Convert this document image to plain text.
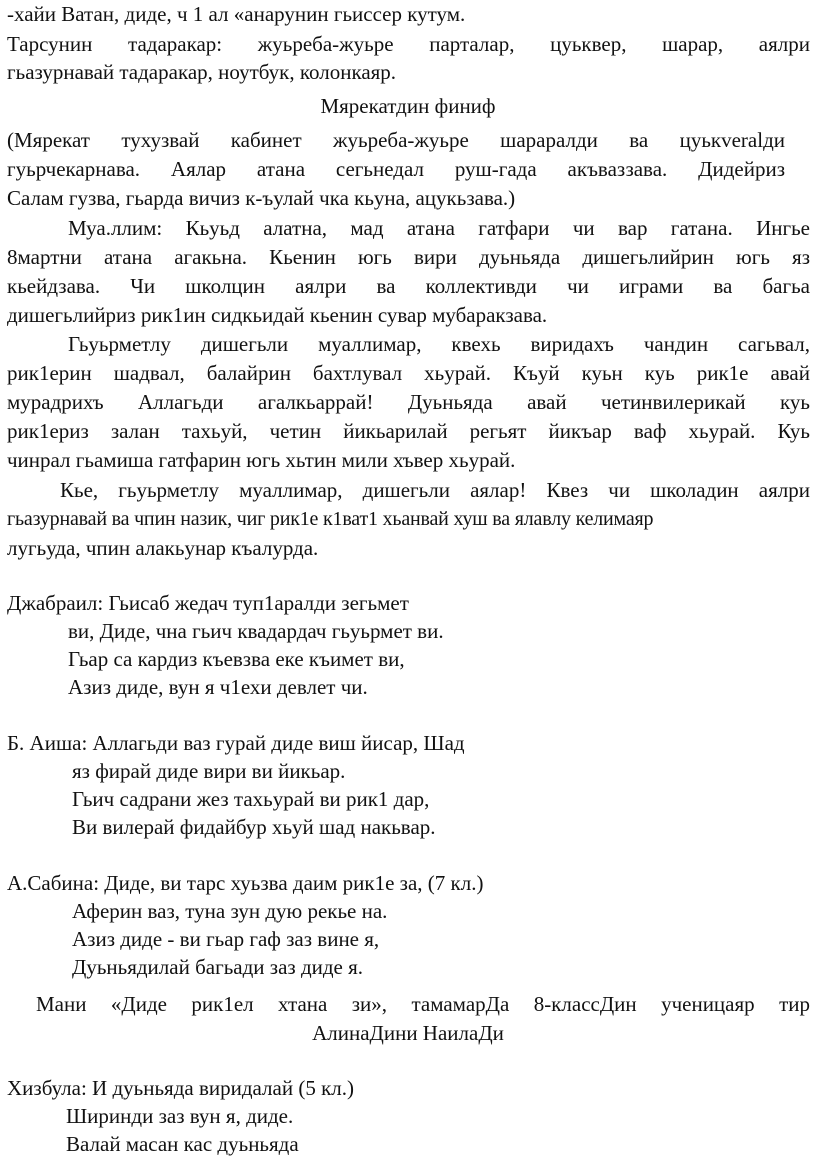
-хайи Ватан, диде, ч 1 ал «анарунин гьиссер кутум.
Тарсунин тадаракар: жуьреба-жуьре парталар, цуьквер, шарар, аялри
гьазурнавай тадаракар, ноутбук, колонкаяр.
Мярекатдин финиф
(Мярекат тухузвай кабинет жуьреба-жуьре шараралди ва цуькveralди
гуьрчекарнава. Аялар атана сегьнедал руш-гада акъваззава. Дидейриз
Салам гузва, гьарда вичиз к-ъулай чка кьуна, ацукьзава.)
Муа.ллим: Кьуьд алатна, мад атана гатфари чи вар гатана. Ингье
8мартни атана агакьна. Кьенин югь вири дуьньяда дишегьлийрин югь яз
кьейдзава. Чи школцин аялри ва коллективди чи играми ва багьа
дишегьлийриз рик1ин сидкьидай кьенин сувар мубаракзава.
Гьуьрметлу дишегьли муаллимар, квехь виридахъ чандин сагьвал,
рик1ерин шадвал, балайрин бахтлувал хьурай. Къуй куьн куь рик1е авай
мурадрихъ Аллагьди агалкьаррай! Дуьньяда авай четинвилерикай куь
рик1ериз залан тахьуй, четин йикьарилай регьят йикъар ваф хьурай. Куь
чинрал гьамиша гатфарин югь хьтин мили хъвер хьурай.
Кье, гьуьрметлу муаллимар, дишегьли аялар! Квез чи школадин аялри
гьазурнавай ва чпин назик, чиг рик1е к1ват1 хьанвай хуш ва ялавлу келимаяр
лугьуда, чпин алакьунар къалурда.
Джабраил: Гьисаб жедач туп1аралди зегьмет
ви, Диде, чна гьич квадардач гьуьрмет ви.
Гьар са кардиз къевзва еке къимет ви,
Азиз диде, вун я ч1ехи девлет чи.
Б. Аиша: Аллагьди ваз гурай диде виш йисар, Шад
яз фирай диде вири ви йикьар.
Гьич садрани жез тахьурай ви рик1 дар,
Ви вилерай фидайбур хьуй шад накьвар.
А.Сабина: Диде, ви тарс хуьзва даим рик1е за, (7 кл.)
Аферин ваз, туна зун дую рекье на.
Азиз диде - ви гьар гаф заз вине я,
Дуьньядилай багьади заз диде я.
Мани «Диде рик1ел хтана зи», тамамарДа 8-классДин ученицаяр тир
АлинаДини НаилаДи
Хизбула: И дуьньяда виридалай (5 кл.)
Ширинди заз вун я, диде.
Валай масан кас дуьньяда
